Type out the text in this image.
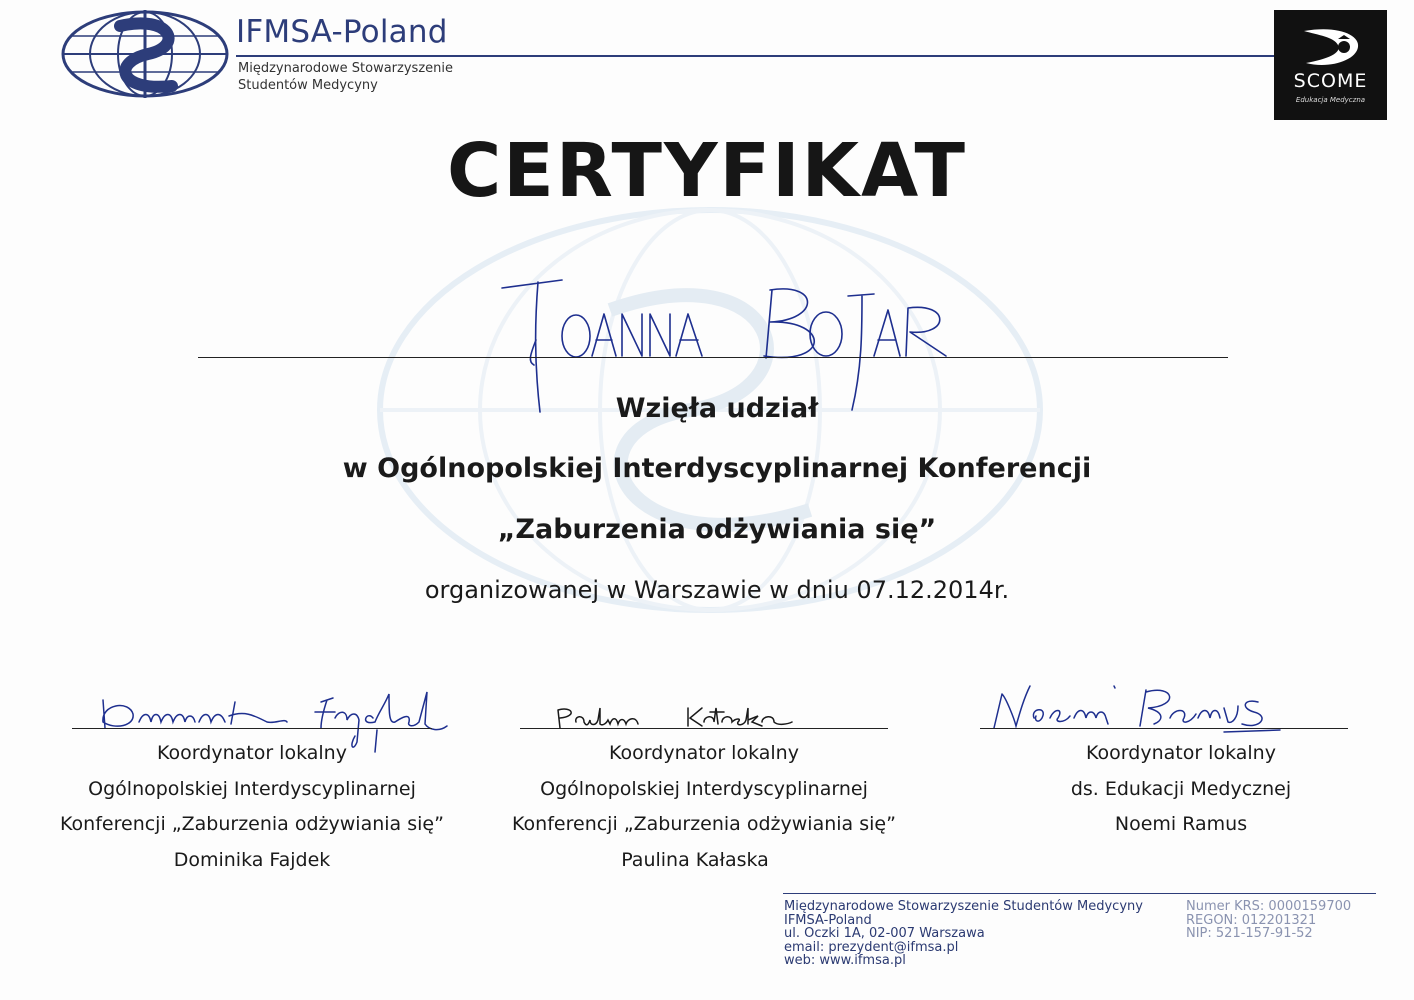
IFMSA-Poland
Międzynarodowe Stowarzyszenie
Studentów Medycyny	SCOME
Edukacja Medyczna
CERTYFIKAT
Wzięła udział
w Ogólnopolskiej Interdyscyplinarnej Konferencji
„Zaburzenia odżywiania się”
organizowanej w Warszawie w dniu 07.12.2014r.
Koordynator lokalny
Ogólnopolskiej Interdyscyplinarnej
Konferencji „Zaburzenia odżywiania się”
Dominika Fajdek
Koordynator lokalny
Ogólnopolskiej Interdyscyplinarnej
Konferencji „Zaburzenia odżywiania się”
Paulina Kałaska
Koordynator lokalny
ds. Edukacji Medycznej
Noemi Ramus
Międzynarodowe Stowarzyszenie Studentów Medycyny
IFMSA-Poland
ul. Oczki 1A, 02-007 Warszawa
email: prezydent@ifmsa.pl
web: www.ifmsa.pl
Numer KRS: 0000159700
REGON: 012201321
NIP: 521-157-91-52
